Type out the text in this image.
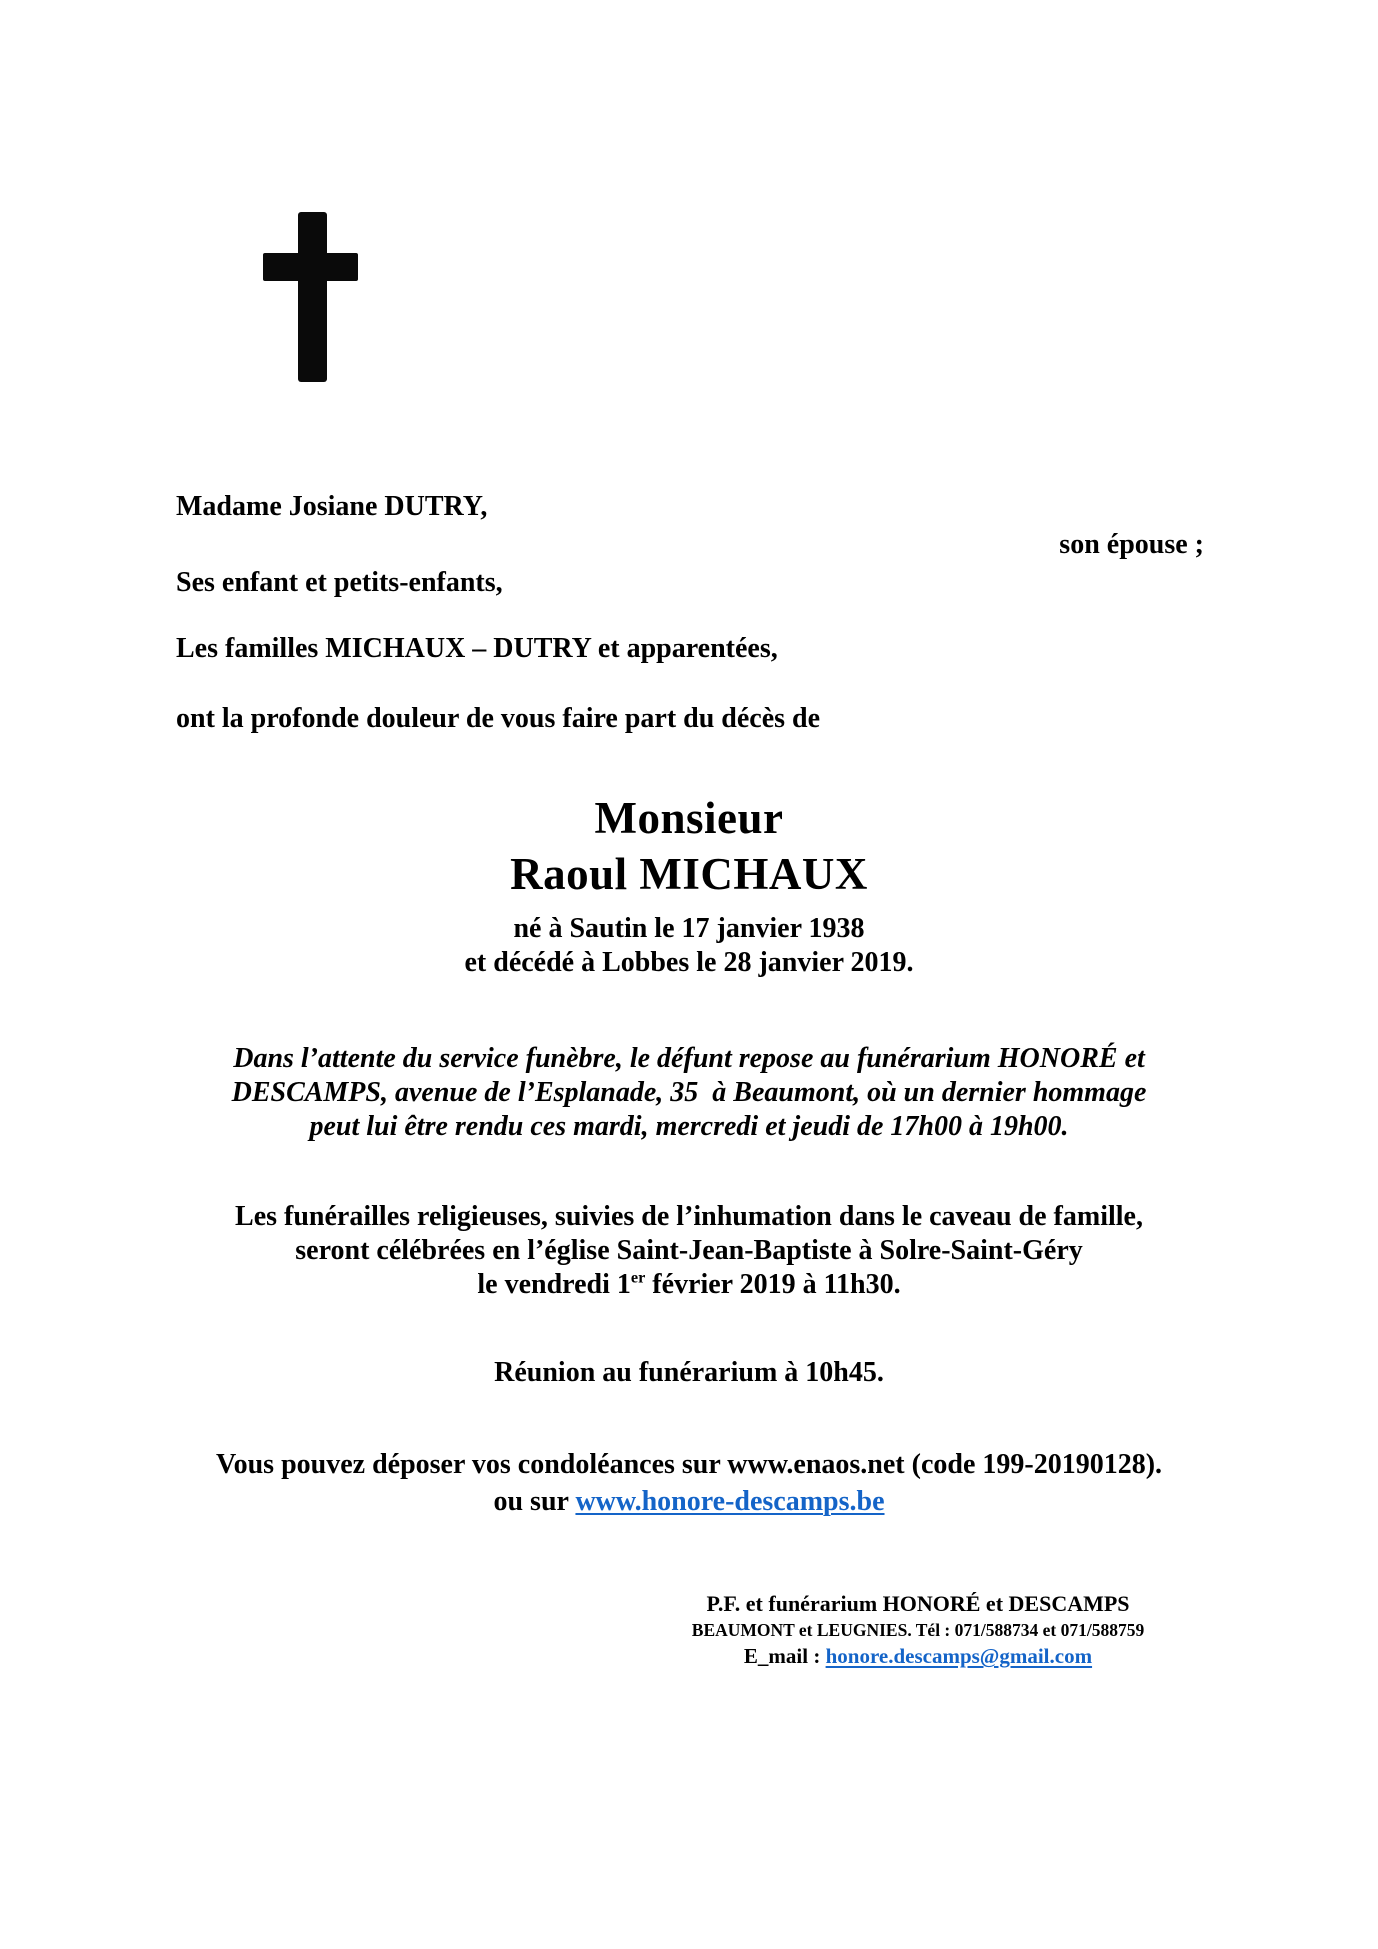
Madame Josiane DUTRY,
son épouse ;
Ses enfant et petits-enfants,
Les familles MICHAUX – DUTRY et apparentées,
ont la profonde douleur de vous faire part du décès de
Monsieur
Raoul MICHAUX
né à Sautin le 17 janvier 1938
et décédé à Lobbes le 28 janvier 2019.
Dans l’attente du service funèbre, le défunt repose au funérarium HONORÉ et
DESCAMPS, avenue de l’Esplanade, 35  à Beaumont, où un dernier hommage
peut lui être rendu ces mardi, mercredi et jeudi de 17h00 à 19h00.
Les funérailles religieuses, suivies de l’inhumation dans le caveau de famille,
seront célébrées en l’église Saint-Jean-Baptiste à Solre-Saint-Géry
le vendredi 1er février 2019 à 11h30.
Réunion au funérarium à 10h45.
Vous pouvez déposer vos condoléances sur www.enaos.net (code 199-20190128).
ou sur www.honore-descamps.be
P.F. et funérarium HONORÉ et DESCAMPS
BEAUMONT et LEUGNIES. Tél : 071/588734 et 071/588759
E_mail : honore.descamps@gmail.com
